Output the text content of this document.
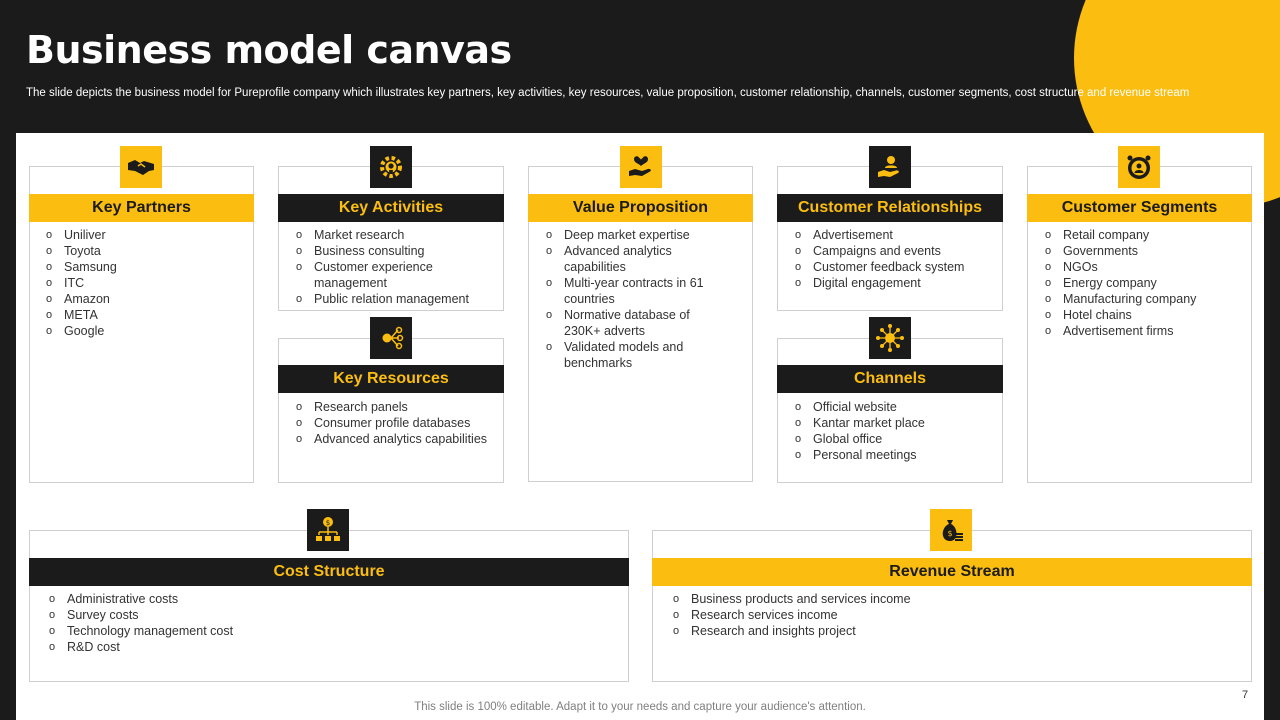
Business model canvas
The slide depicts the business model for Pureprofile company which illustrates key partners, key activities, key resources, value proposition, customer relationship, channels, customer segments, cost structure and revenue stream
Key Partners
o Uniliver
o Toyota
o Samsung
o ITC
o Amazon
o META
o Google
Key Activities
o Market research
o Business consulting
o Customer experience management
o Public relation management
Key Resources
o Research panels
o Consumer profile databases
o Advanced analytics capabilities
Value Proposition
o Deep market expertise
o Advanced analytics capabilities
o Multi-year contracts in 61 countries
o Normative database of 230K+ adverts
o Validated models and benchmarks
Customer Relationships
o Advertisement
o Campaigns and events
o Customer feedback system
o Digital engagement
Channels
o Official website
o Kantar market place
o Global office
o Personal meetings
Customer Segments
o Retail company
o Governments
o NGOs
o Energy company
o Manufacturing company
o Hotel chains
o Advertisement firms
$
Cost Structure
o Administrative costs
o Survey costs
o Technology management cost
o R&D cost
$
Revenue Stream
o Business products and services income
o Research services income
o Research and insights project
7
This slide is 100% editable. Adapt it to your needs and capture your audience's attention.
